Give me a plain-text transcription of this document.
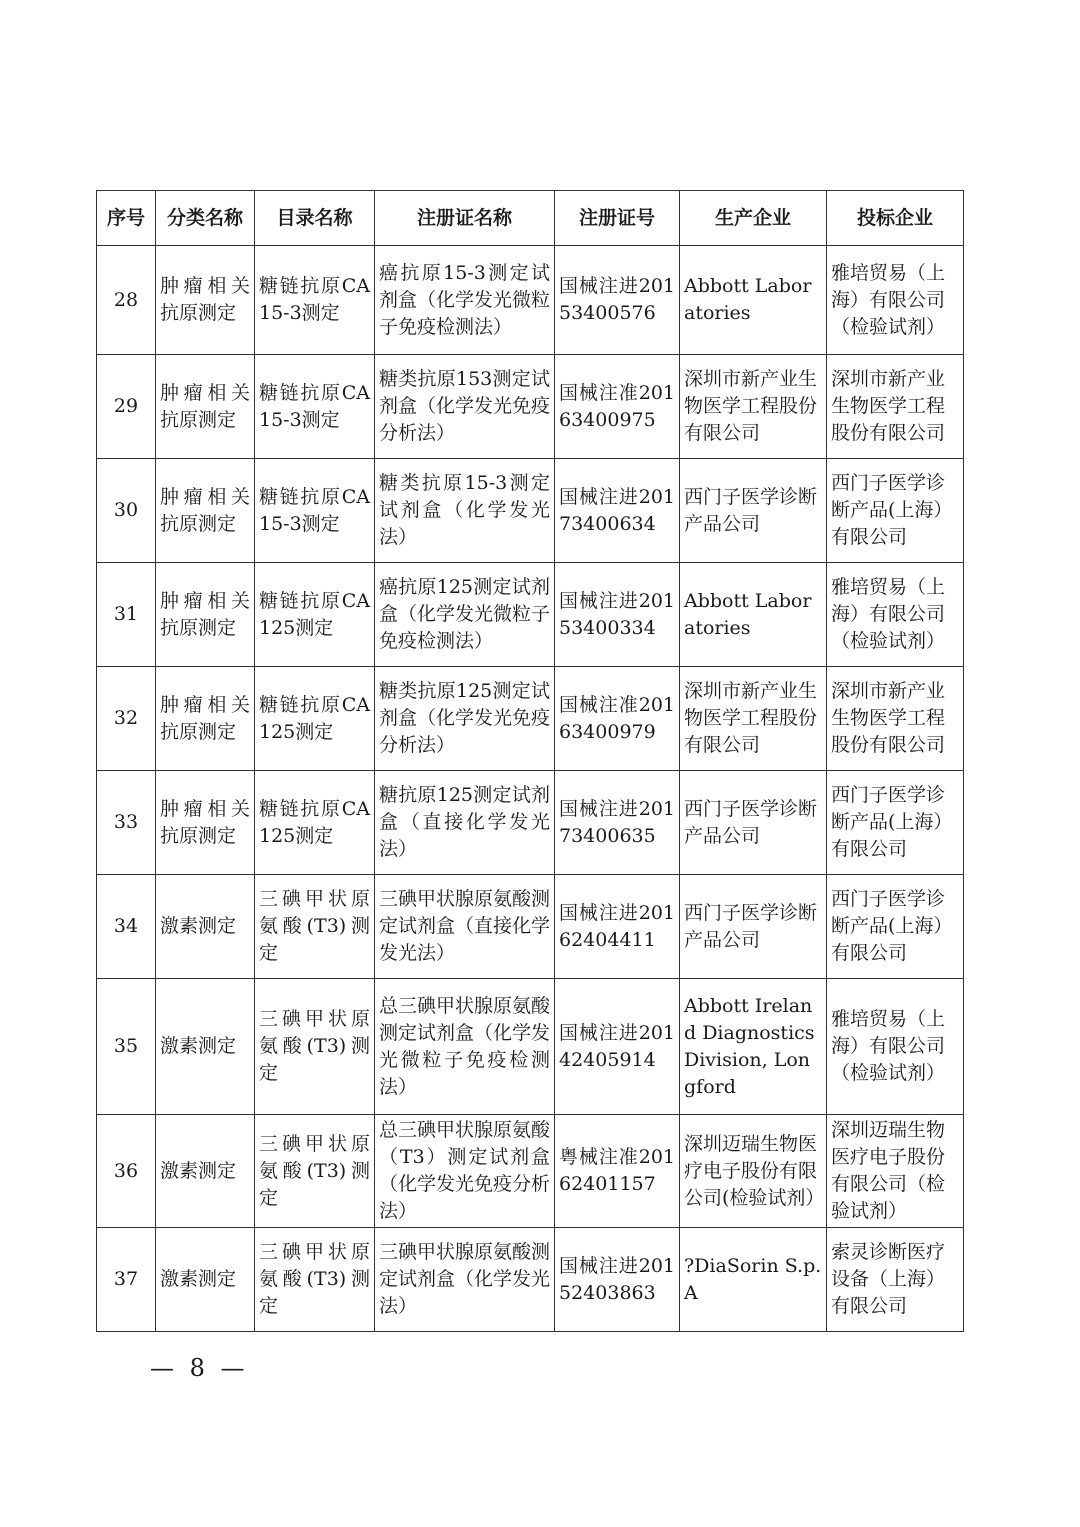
序号	分类名称	目录名称	注册证名称	注册证号	生产企业	投标企业
28	肿瘤相关抗原测定	糖链抗原CA15-3测定	癌抗原15-3测定试剂盒（化学发光微粒子免疫检测法）	国械注进20153400576	Abbott Laboratories	雅培贸易（上海）有限公司（检验试剂）
29	肿瘤相关抗原测定	糖链抗原CA15-3测定	糖类抗原153测定试剂盒（化学发光免疫分析法）	国械注准20163400975	深圳市新产业生物医学工程股份有限公司	深圳市新产业生物医学工程股份有限公司
30	肿瘤相关抗原测定	糖链抗原CA15-3测定	糖类抗原15-3测定试剂盒（化学发光法）	国械注进20173400634	西门子医学诊断产品公司	西门子医学诊断产品(上海）有限公司
31	肿瘤相关抗原测定	糖链抗原CA125测定	癌抗原125测定试剂盒（化学发光微粒子免疫检测法）	国械注进20153400334	Abbott Laboratories	雅培贸易（上海）有限公司（检验试剂）
32	肿瘤相关抗原测定	糖链抗原CA125测定	糖类抗原125测定试剂盒（化学发光免疫分析法）	国械注准20163400979	深圳市新产业生物医学工程股份有限公司	深圳市新产业生物医学工程股份有限公司
33	肿瘤相关抗原测定	糖链抗原CA125测定	糖抗原125测定试剂盒（直接化学发光法）	国械注进20173400635	西门子医学诊断产品公司	西门子医学诊断产品(上海）有限公司
34	激素测定	三碘甲状原氨酸(T3)测定	三碘甲状腺原氨酸测定试剂盒（直接化学发光法）	国械注进20162404411	西门子医学诊断产品公司	西门子医学诊断产品(上海）有限公司
35	激素测定	三碘甲状原氨酸(T3)测定	总三碘甲状腺原氨酸测定试剂盒（化学发光微粒子免疫检测法）	国械注进20142405914	Abbott Ireland Diagnostics Division, Longford	雅培贸易（上海）有限公司（检验试剂）
36	激素测定	三碘甲状原氨酸(T3)测定	总三碘甲状腺原氨酸（T3）测定试剂盒（化学发光免疫分析法）	粤械注准20162401157	深圳迈瑞生物医疗电子股份有限公司(检验试剂）	深圳迈瑞生物医疗电子股份有限公司（检验试剂）
37	激素测定	三碘甲状原氨酸(T3)测定	三碘甲状腺原氨酸测定试剂盒（化学发光法）	国械注进20152403863	?DiaSorin S.p.A	索灵诊断医疗设备（上海）有限公司
— 8 —
